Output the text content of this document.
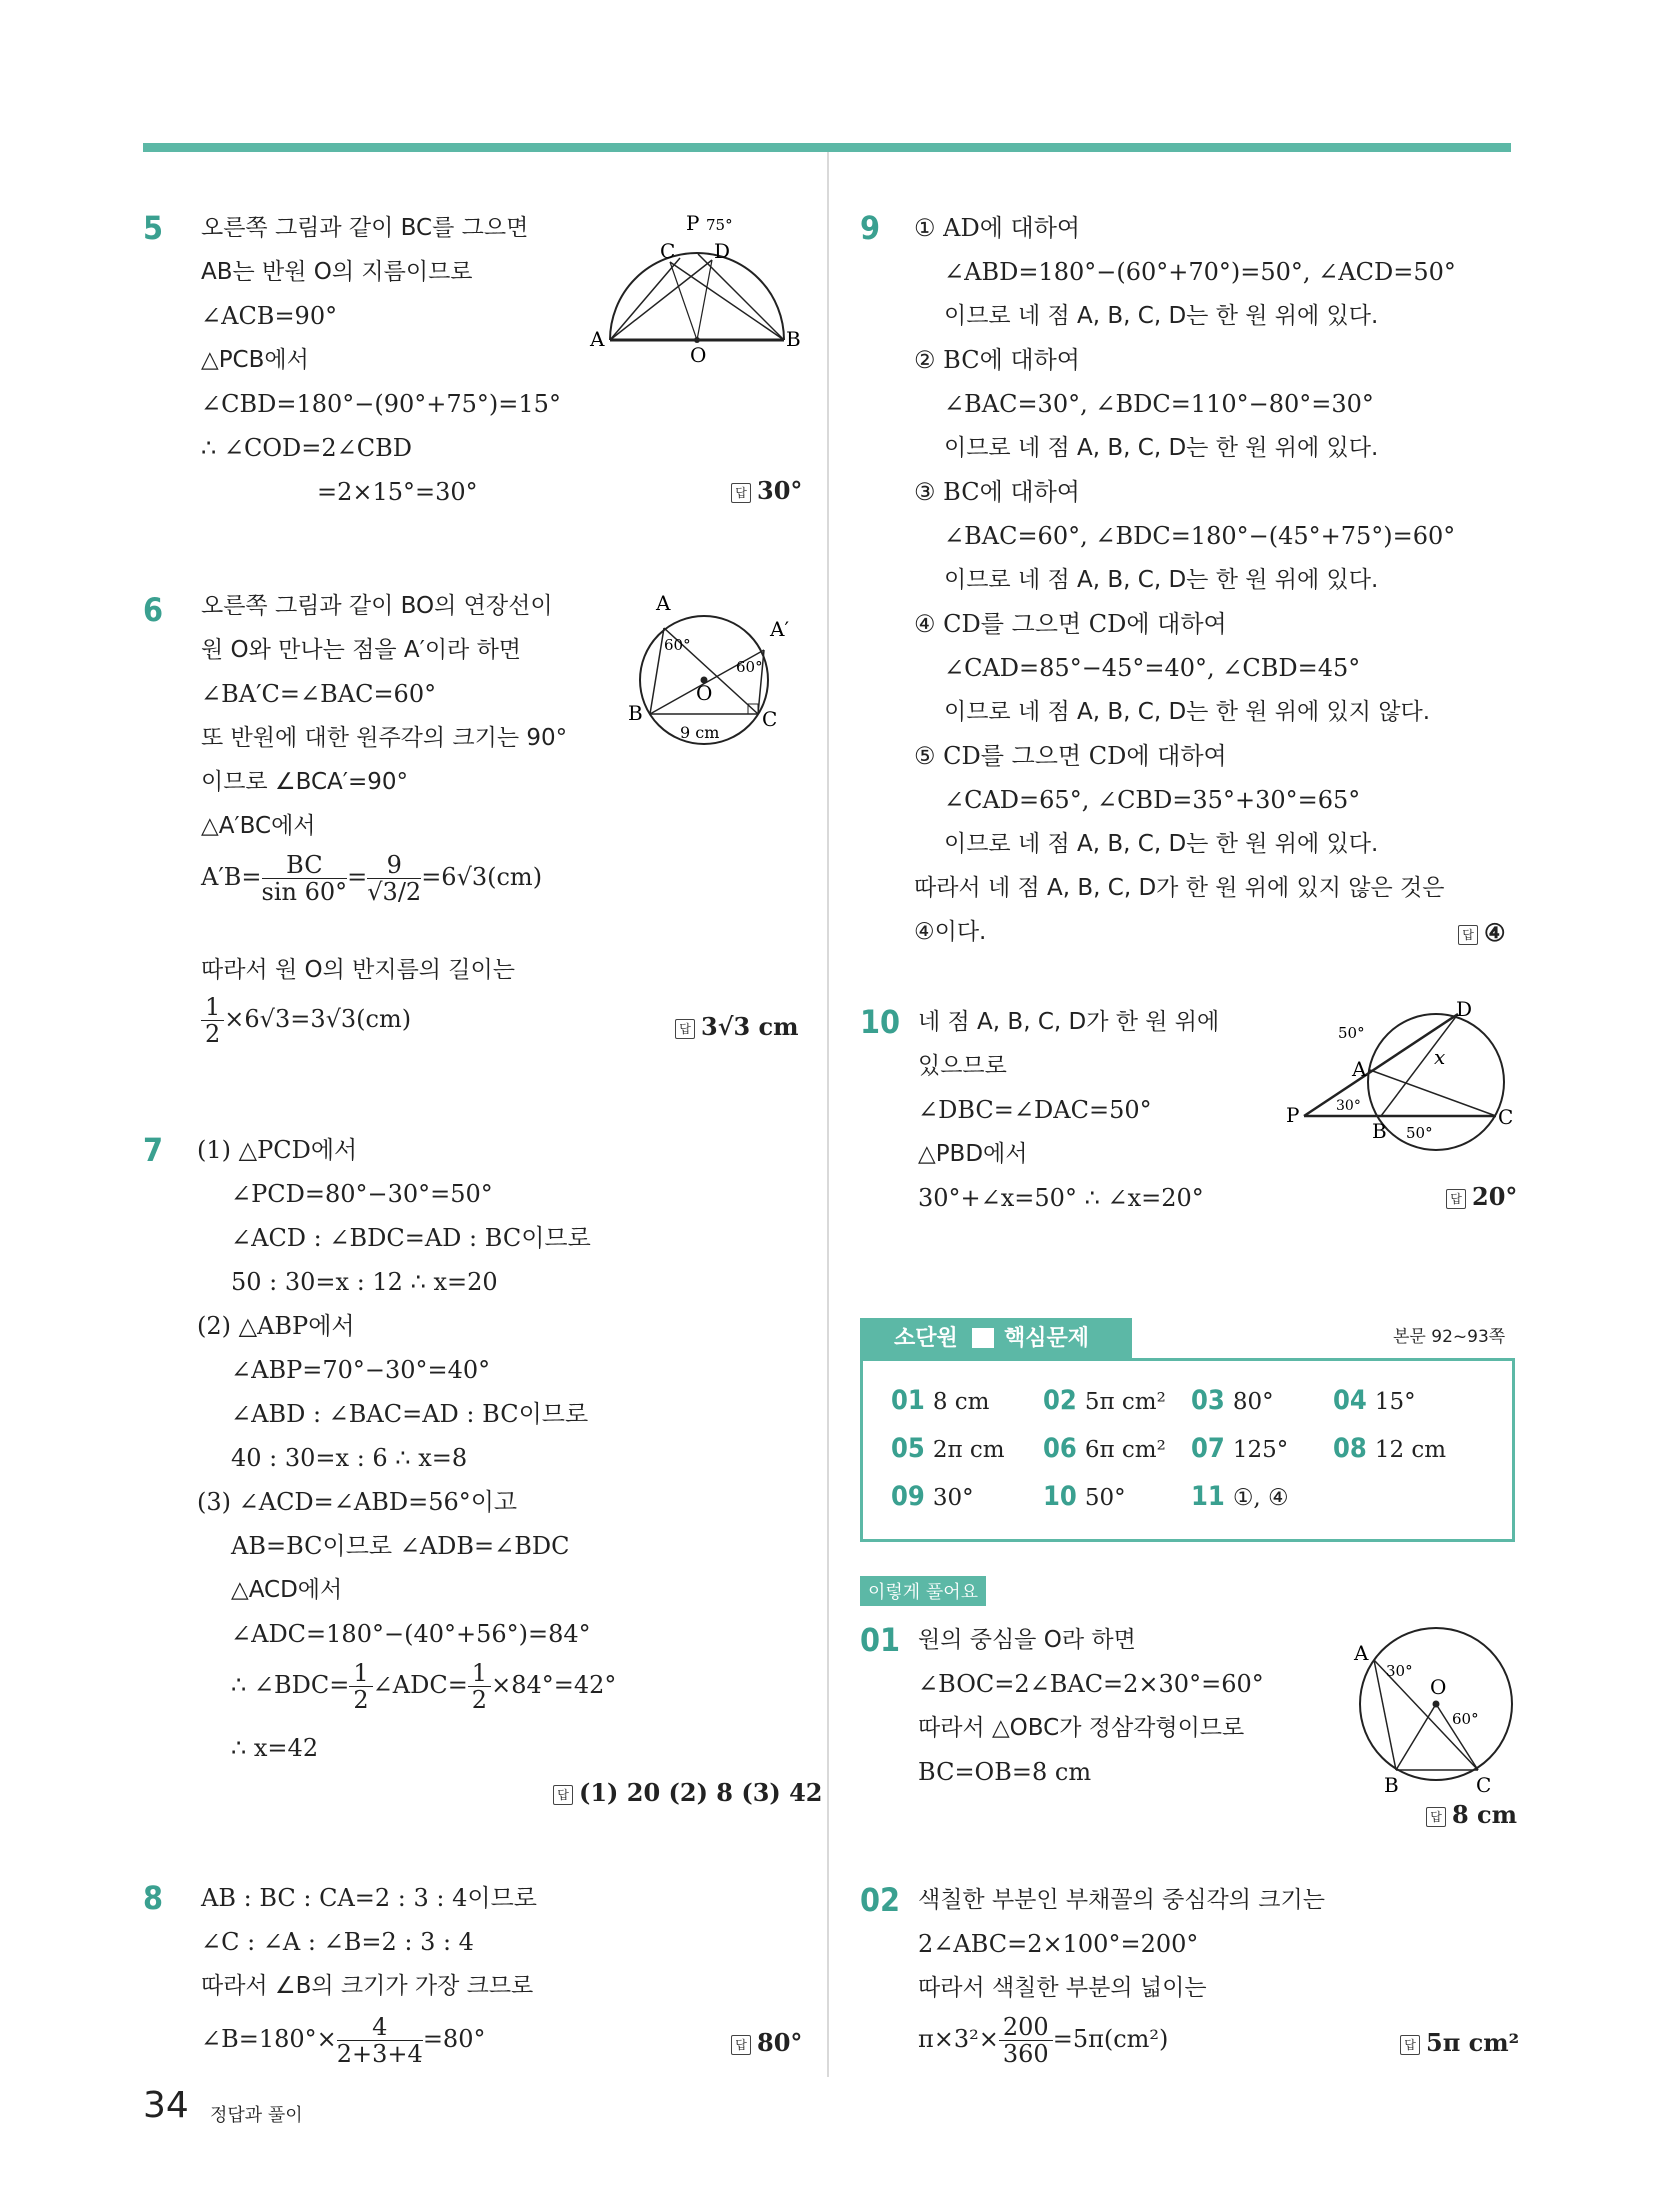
5 오른쪽 그림과 같이 BC를 그으면
AB는 반원 O의 지름이므로
∠ACB=90°
△PCB에서
∠CBD=180°−(90°+75°)=15°
∴ ∠COD=2∠CBD
=2×15°=30°	답 30°
P 75°
C D
A
O
B
6 오른쪽 그림과 같이 BO의 연장선이
원 O와 만나는 점을 A′이라 하면
∠BA′C=∠BAC=60°
또 반원에 대한 원주각의 크기는 90°
이므로 ∠BCA′=90°
△A′BC에서
$A'B= \frac{BC}{\sin 60^\circ} = \frac{9}{√3/2} =6√3(cm)$
따라서 원 O의 반지름의 길이는
$\frac{1}{2} \times 6√3=3√3(cm)$	답 3√3 cm
A
A′
B	C
O
60°
60°
9 cm
7 (1) △PCD에서
∠PCD=80°−30°=50°
∠ACD : ∠BDC=AD : BC이므로
50 : 30=x : 12 ∴ x=20
(2) △ABP에서
∠ABP=70°−30°=40°
∠ABD : ∠BAC=AD : BC이므로
40 : 30=x : 6 ∴ x=8
(3) ∠ACD=∠ABD=56°이고
AB=BC이므로 ∠ADB=∠BDC
△ACD에서
∠ADC=180°−(40°+56°)=84°
∴ ∠BDC= $\frac{1}{2}$ ∠ADC= $\frac{1}{2} \times 84^\circ=42^\circ$
∴ x=42
답 (1) 20 (2) 8 (3) 42
8 AB : BC : CA=2 : 3 : 4이므로
∠C : ∠A : ∠B=2 : 3 : 4
따라서 ∠B의 크기가 가장 크므로
∠B=180°× $\frac{4}{2+3+4} =80^\circ$	답 80°
9 ① AD에 대하여
∠ABD=180°−(60°+70°)=50°, ∠ACD=50°
이므로 네 점 A, B, C, D는 한 원 위에 있다.
② BC에 대하여
∠BAC=30°, ∠BDC=110°−80°=30°
이므로 네 점 A, B, C, D는 한 원 위에 있다.
③ BC에 대하여
∠BAC=60°, ∠BDC=180°−(45°+75°)=60°
이므로 네 점 A, B, C, D는 한 원 위에 있다.
④ CD를 그으면 CD에 대하여
∠CAD=85°−45°=40°, ∠CBD=45°
이므로 네 점 A, B, C, D는 한 원 위에 있지 않다.
⑤ CD를 그으면 CD에 대하여
∠CAD=65°, ∠CBD=35°+30°=65°
이므로 네 점 A, B, C, D는 한 원 위에 있다.
따라서 네 점 A, B, C, D가 한 원 위에 있지 않은 것은
④이다.	답 ④
10 네 점 A, B, C, D가 한 원 위에
있으므로
∠DBC=∠DAC=50°
△PBD에서
30°+∠x=50° ∴ ∠x=20°	답 20°
P
A
B
C
D
x
50°
30°
50°
소단원 핵심문제	본문 92~93쪽
01 8 cm 02 5π cm² 03 80° 04 15°
05 2π cm 06 6π cm² 07 125° 08 12 cm
09 30°	10 50° 11 ①, ④
이렇게 풀어요
01 원의 중심을 O라 하면
∠BOC=2∠BAC=2×30°=60°
따라서 △OBC가 정삼각형이므로
BC=OB=8 cm
답 8 cm
A
O
B	C
30°
60°
02 색칠한 부분인 부채꼴의 중심각의 크기는
2∠ABC=2×100°=200°
따라서 색칠한 부분의 넓이는
$\pi\times 3^2\times \frac{200}{360} =5\pi(cm^2)$	답 5π cm²
34 정답과 풀이
